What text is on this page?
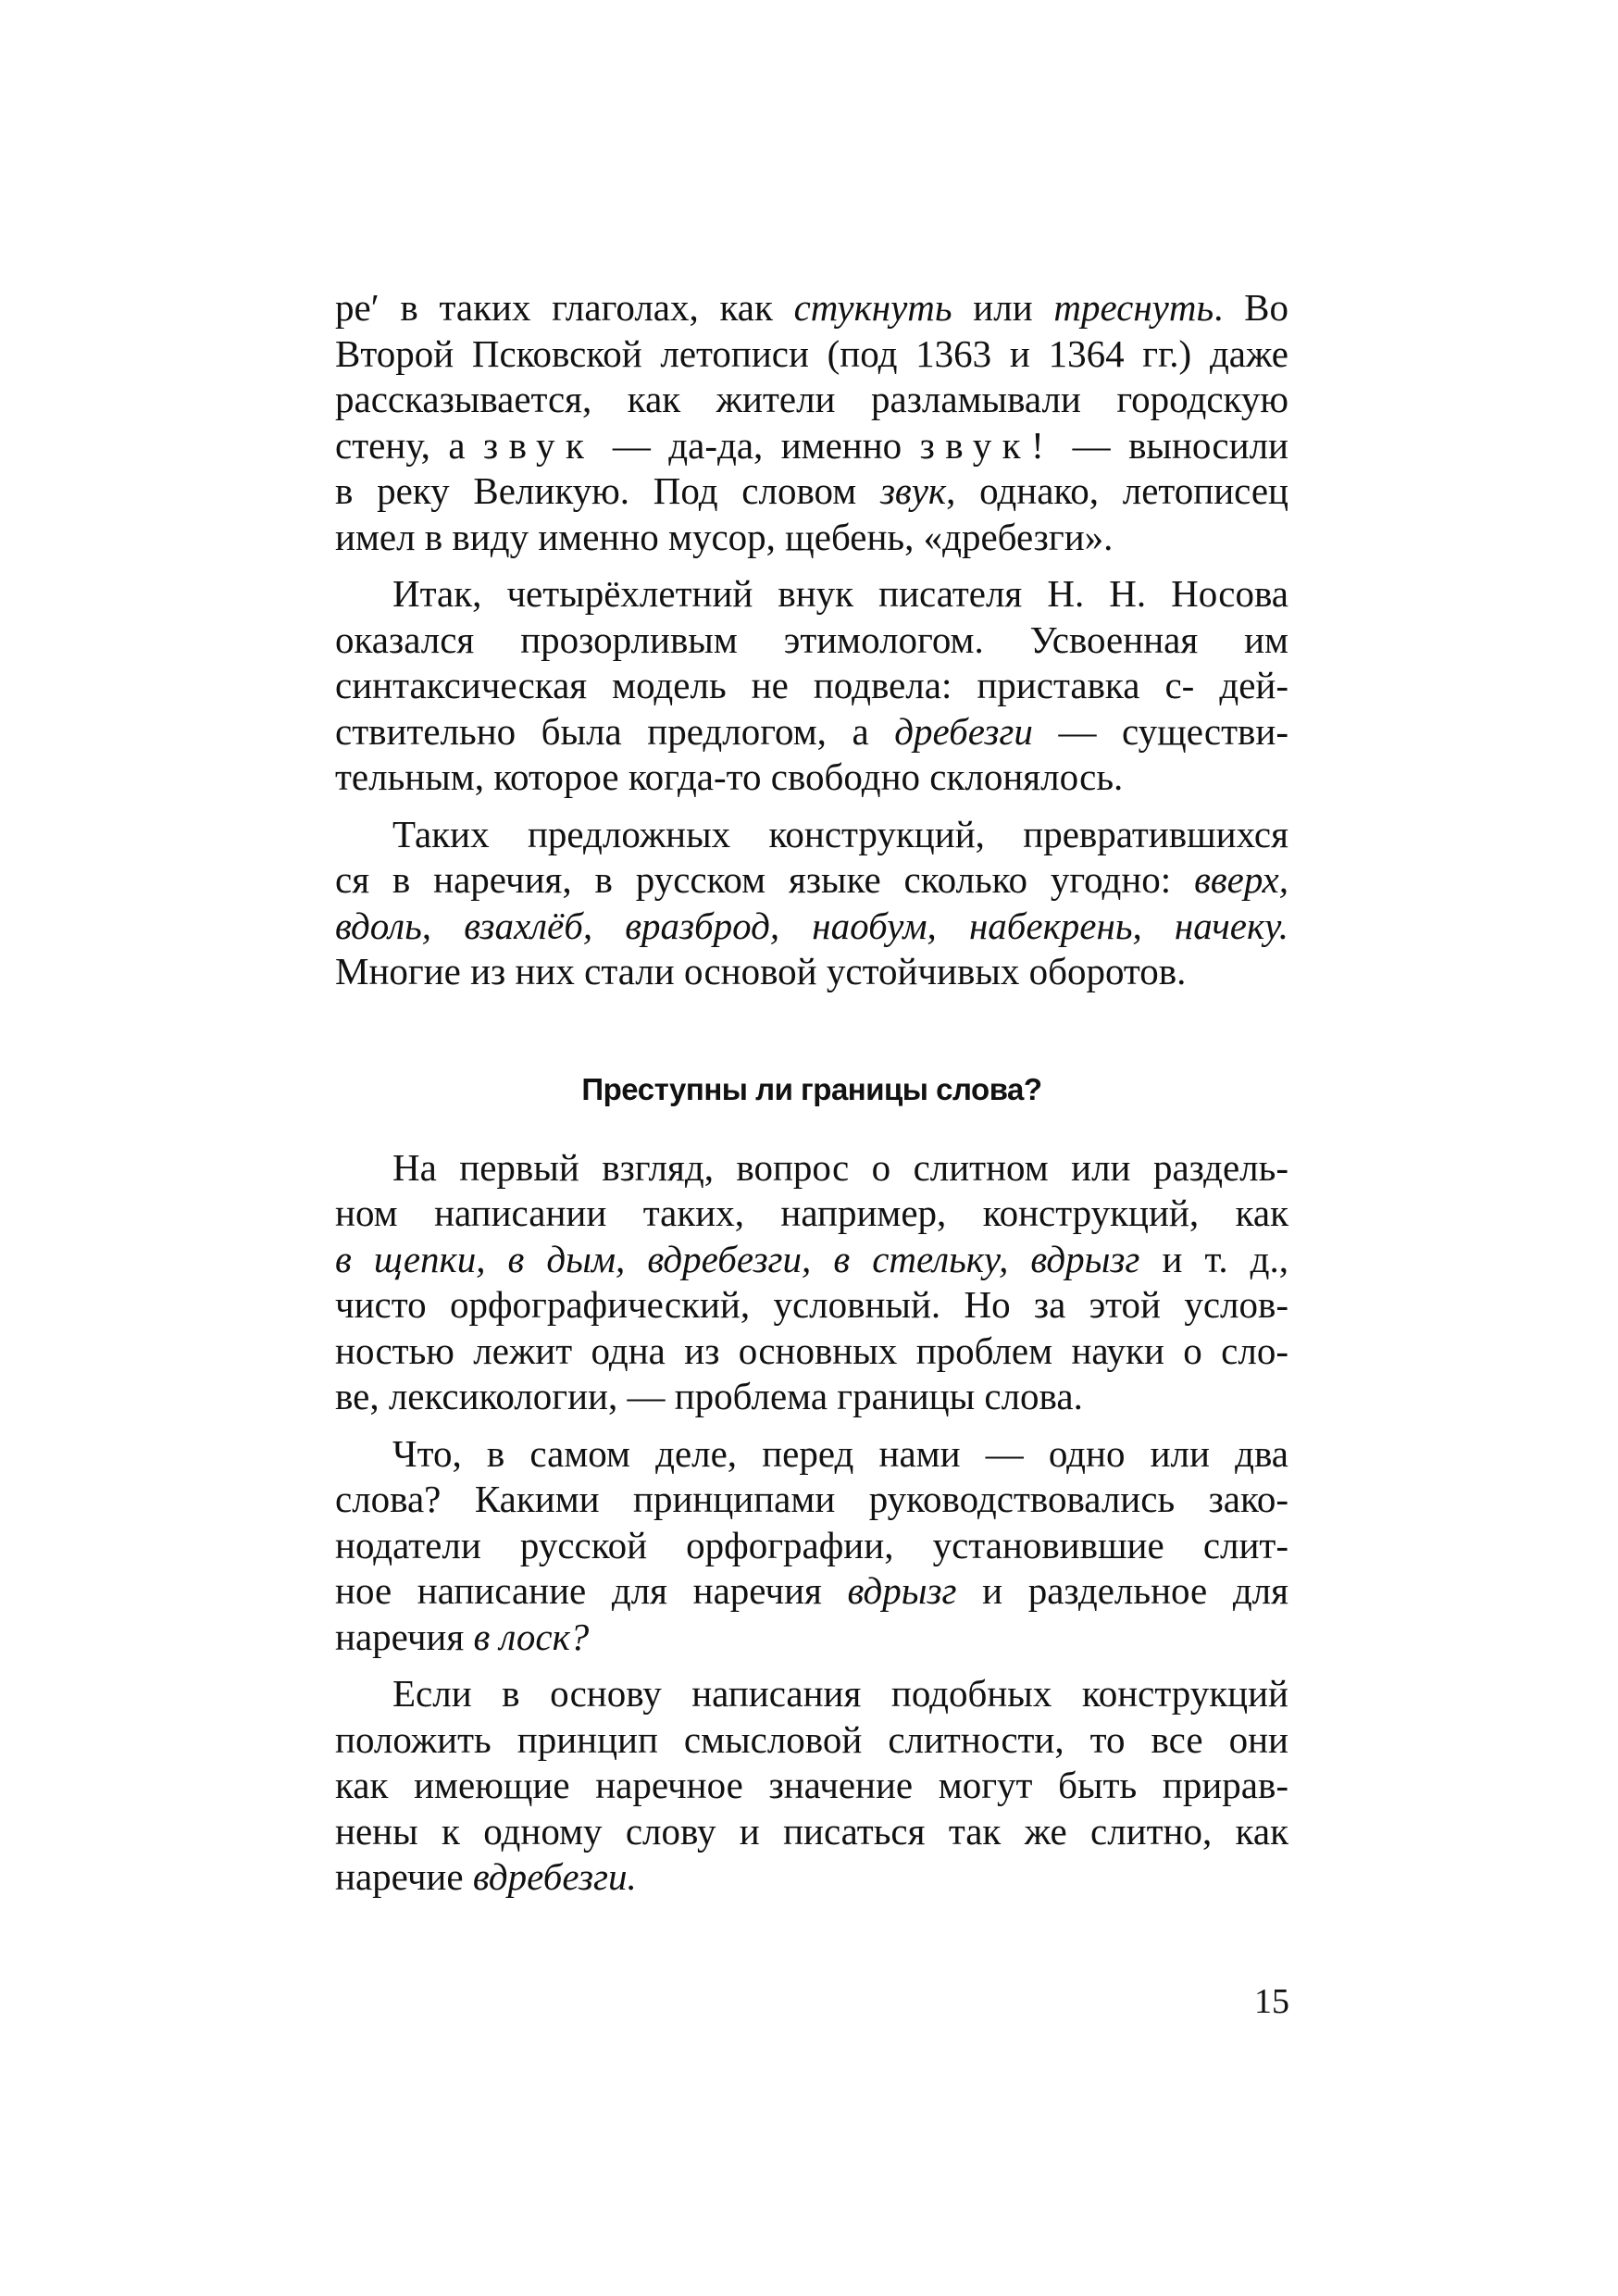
ре′ в таких глаголах, как стукнуть или треснуть. Во

Второй Псковской летописи (под 1363 и 1364 гг.) даже

рассказывается, как жители разламывали городскую

стену, а звук — да-да, именно звук! — выносили

в реку Великую. Под словом звук, однако, летописец

имел в виду именно мусор, щебень, «дребезги».

Итак, четырёхлетний внук писателя Н. Н. Носова

оказался прозорливым этимологом. Усвоенная им

синтаксическая модель не подвела: приставка с- дей-

ствительно была предлогом, а дребезги — существи-

тельным, которое когда-то свободно склонялось.

Таких предложных конструкций, превратившихся

ся в наречия, в русском языке сколько угодно: вверх,

вдоль, взахлёб, вразброд, наобум, набекрень, начеку.

Многие из них стали основой устойчивых оборотов.

Преступны ли границы слова?

На первый взгляд, вопрос о слитном или раздель-

ном написании таких, например, конструкций, как

в щепки, в дым, вдребезги, в стельку, вдрызг и т. д.,

чисто орфографический, условный. Но за этой услов-

ностью лежит одна из основных проблем науки о сло-

ве, лексикологии, — проблема границы слова.

Что, в самом деле, перед нами — одно или два

слова? Какими принципами руководствовались зако-

нодатели русской орфографии, установившие слит-

ное написание для наречия вдрызг и раздельное для

наречия в лоск?

Если в основу написания подобных конструкций

положить принцип смысловой слитности, то все они

как имеющие наречное значение могут быть прирав-

нены к одному слову и писаться так же слитно, как

наречие вдребезги.

15
